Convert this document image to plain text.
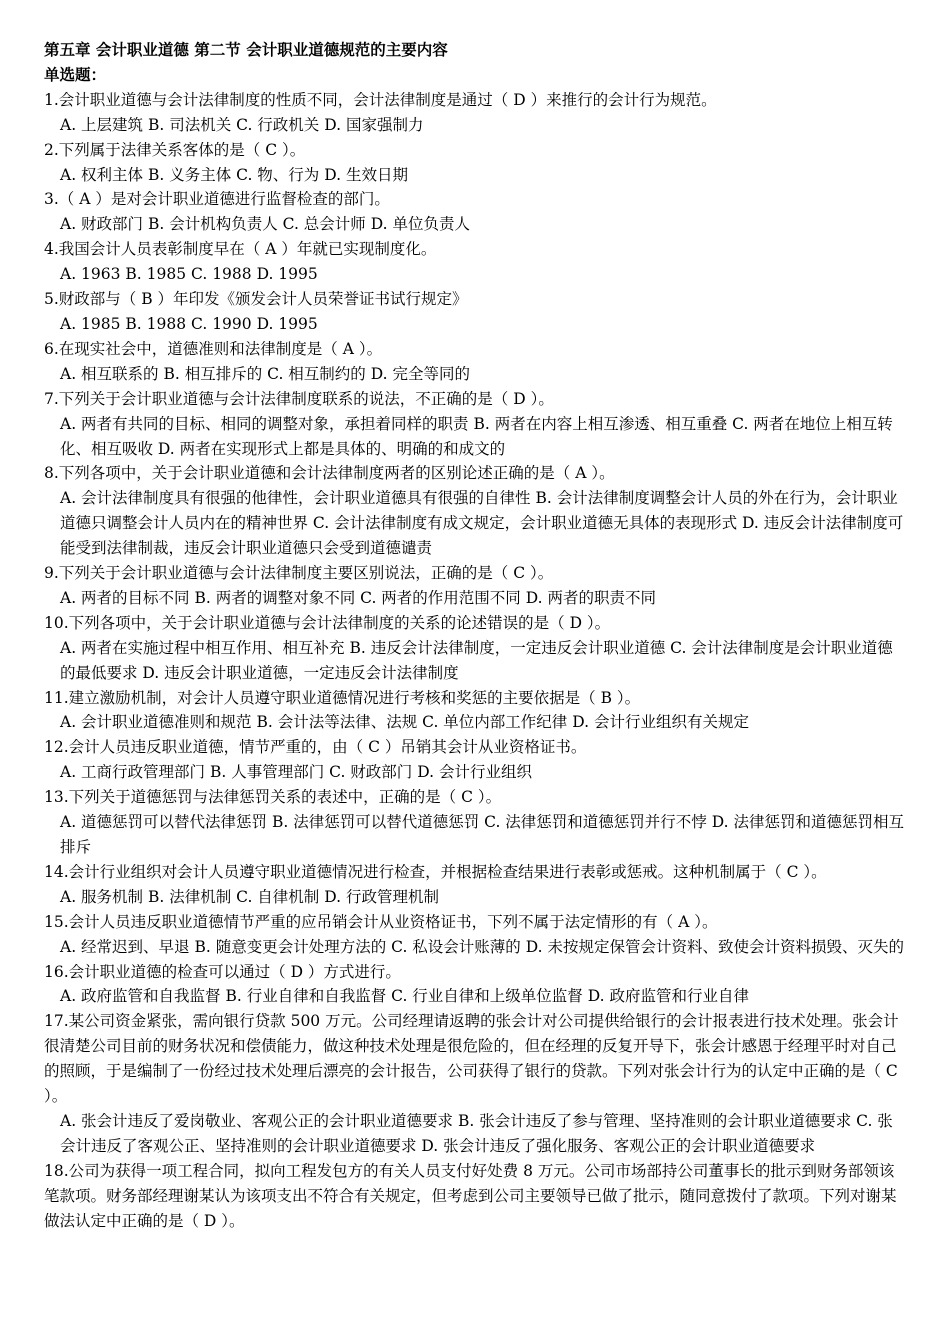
第五章 会计职业道德 第二节 会计职业道德规范的主要内容
单选题：
1.会计职业道德与会计法律制度的性质不同，会计法律制度是通过（ D ）来推行的会计行为规范。
A. 上层建筑 B. 司法机关 C. 行政机关 D. 国家强制力
2.下列属于法律关系客体的是（ C ）。
A. 权利主体 B. 义务主体 C. 物、行为 D. 生效日期
3.（ A ）是对会计职业道德进行监督检查的部门。
A. 财政部门 B. 会计机构负责人 C. 总会计师 D. 单位负责人
4.我国会计人员表彰制度早在（ A ）年就已实现制度化。
A. 1963 B. 1985 C. 1988 D. 1995
5.财政部与（ B ）年印发《颁发会计人员荣誉证书试行规定》
A. 1985 B. 1988 C. 1990 D. 1995
6.在现实社会中，道德准则和法律制度是（ A ）。
A. 相互联系的 B. 相互排斥的 C. 相互制约的 D. 完全等同的
7.下列关于会计职业道德与会计法律制度联系的说法，不正确的是（ D ）。
A. 两者有共同的目标、相同的调整对象，承担着同样的职责 B. 两者在内容上相互渗透、相互重叠 C. 两者在地位上相互转化、相互吸收 D. 两者在实现形式上都是具体的、明确的和成文的
8.下列各项中，关于会计职业道德和会计法律制度两者的区别论述正确的是（ A ）。
A. 会计法律制度具有很强的他律性，会计职业道德具有很强的自律性 B. 会计法律制度调整会计人员的外在行为，会计职业道德只调整会计人员内在的精神世界 C. 会计法律制度有成文规定，会计职业道德无具体的表现形式 D. 违反会计法律制度可能受到法律制裁，违反会计职业道德只会受到道德谴责
9.下列关于会计职业道德与会计法律制度主要区别说法，正确的是（ C ）。
A. 两者的目标不同 B. 两者的调整对象不同 C. 两者的作用范围不同 D. 两者的职责不同
10.下列各项中，关于会计职业道德与会计法律制度的关系的论述错误的是（ D ）。
A. 两者在实施过程中相互作用、相互补充 B. 违反会计法律制度，一定违反会计职业道德 C. 会计法律制度是会计职业道德的最低要求 D. 违反会计职业道德，一定违反会计法律制度
11.建立激励机制，对会计人员遵守职业道德情况进行考核和奖惩的主要依据是（ B ）。
A. 会计职业道德准则和规范 B. 会计法等法律、法规 C. 单位内部工作纪律 D. 会计行业组织有关规定
12.会计人员违反职业道德，情节严重的，由（ C ）吊销其会计从业资格证书。
A. 工商行政管理部门 B. 人事管理部门 C. 财政部门 D. 会计行业组织
13.下列关于道德惩罚与法律惩罚关系的表述中，正确的是（ C ）。
A. 道德惩罚可以替代法律惩罚 B. 法律惩罚可以替代道德惩罚 C. 法律惩罚和道德惩罚并行不悖 D. 法律惩罚和道德惩罚相互排斥
14.会计行业组织对会计人员遵守职业道德情况进行检查，并根据检查结果进行表彰或惩戒。这种机制属于（ C ）。
A. 服务机制 B. 法律机制 C. 自律机制 D. 行政管理机制
15.会计人员违反职业道德情节严重的应吊销会计从业资格证书，下列不属于法定情形的有（ A ）。
A. 经常迟到、早退 B. 随意变更会计处理方法的 C. 私设会计账薄的 D. 未按规定保管会计资料、致使会计资料损毁、灭失的
16.会计职业道德的检查可以通过（ D ）方式进行。
A. 政府监管和自我监督 B. 行业自律和自我监督 C. 行业自律和上级单位监督 D. 政府监管和行业自律
17.某公司资金紧张，需向银行贷款 500 万元。公司经理请返聘的张会计对公司提供给银行的会计报表进行技术处理。张会计很清楚公司目前的财务状况和偿债能力，做这种技术处理是很危险的，但在经理的反复开导下，张会计感恩于经理平时对自己的照顾，于是编制了一份经过技术处理后漂亮的会计报告，公司获得了银行的贷款。下列对张会计行为的认定中正确的是（ C ）。
A. 张会计违反了爱岗敬业、客观公正的会计职业道德要求 B. 张会计违反了参与管理、坚持准则的会计职业道德要求 C. 张会计违反了客观公正、坚持准则的会计职业道德要求 D. 张会计违反了强化服务、客观公正的会计职业道德要求
18.公司为获得一项工程合同，拟向工程发包方的有关人员支付好处费 8 万元。公司市场部持公司董事长的批示到财务部领该笔款项。财务部经理谢某认为该项支出不符合有关规定，但考虑到公司主要领导已做了批示，随同意拨付了款项。下列对谢某做法认定中正确的是（ D ）。
